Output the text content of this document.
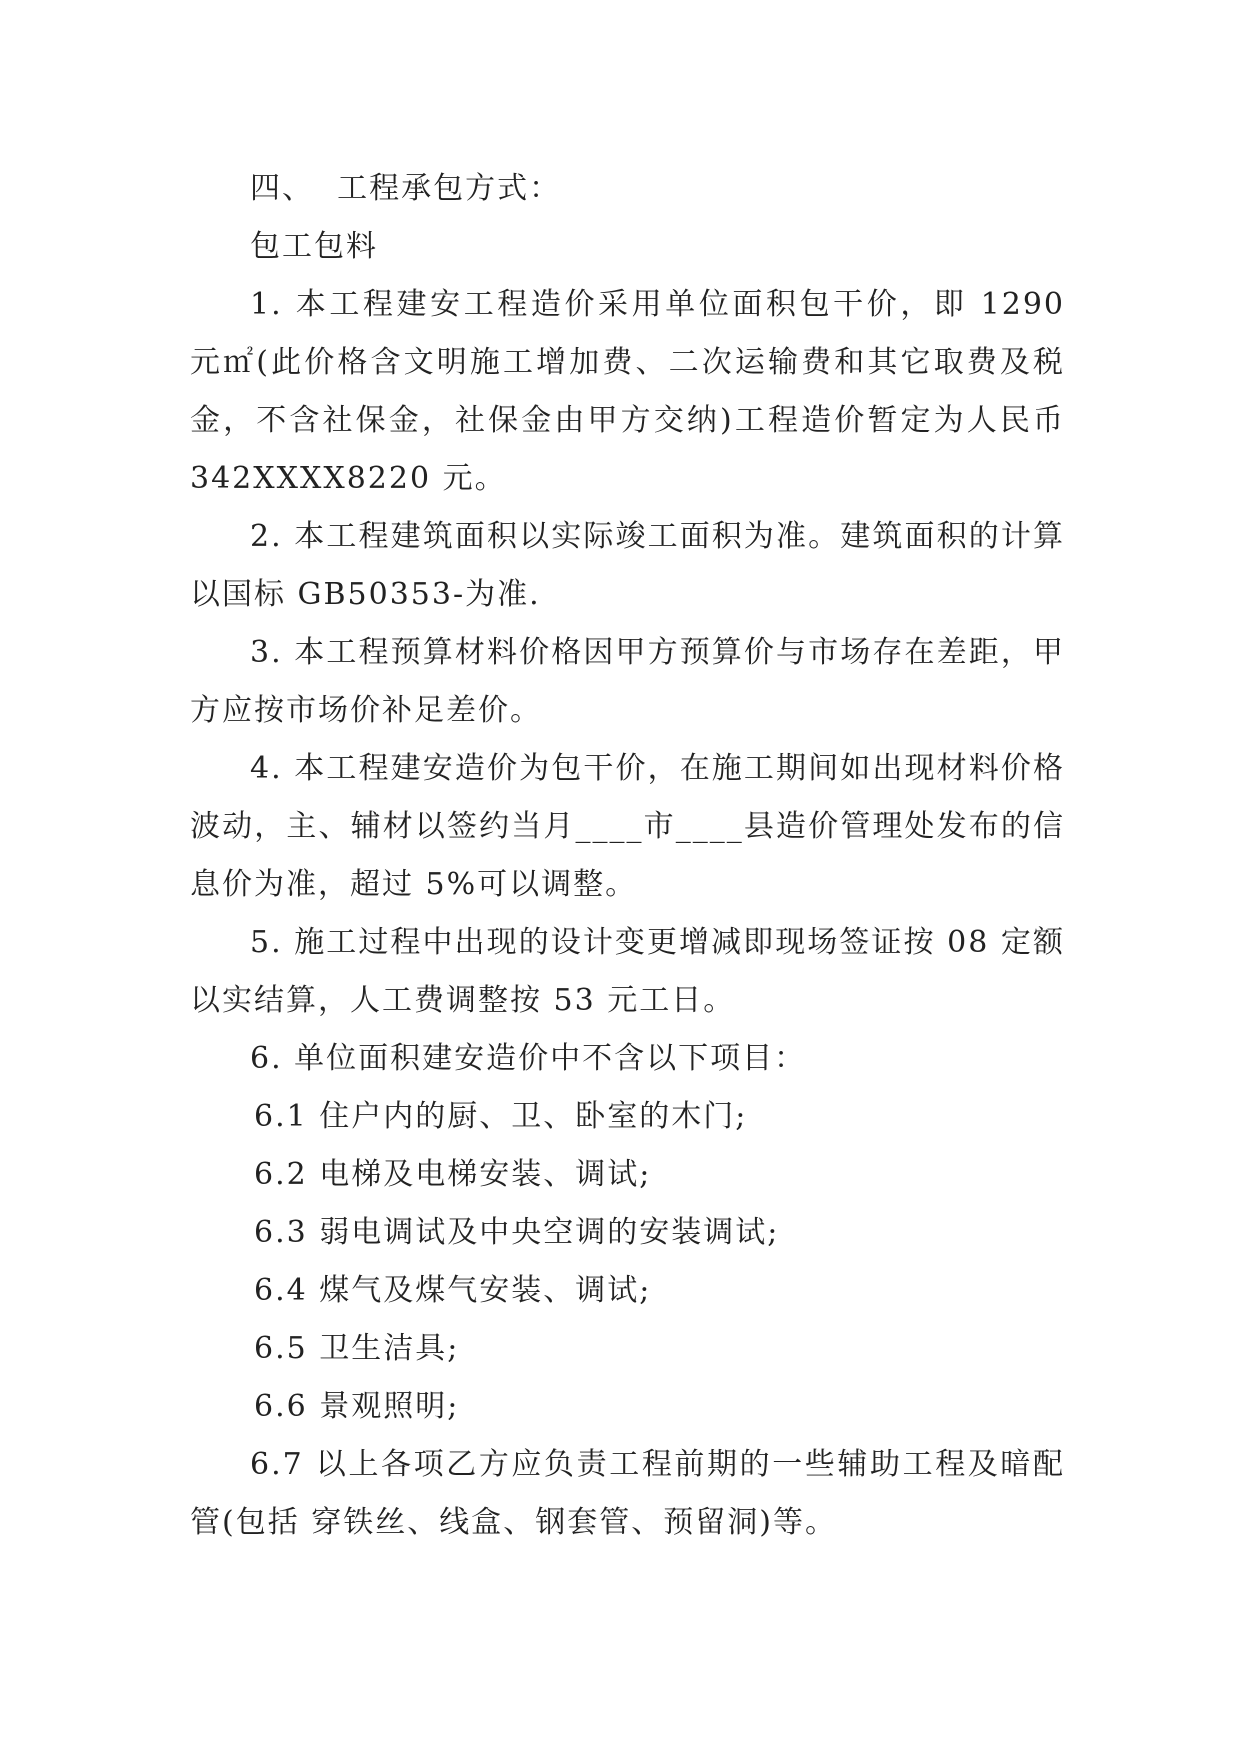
四、  工程承包方式：

包工包料

1. 本工程建安工程造价采用单位面积包干价，即 1290 元㎡(此价格含文明施工增加费、二次运输费和其它取费及税金，不含社保金，社保金由甲方交纳)工程造价暂定为人民币 342XXXX8220 元。

2. 本工程建筑面积以实际竣工面积为准。建筑面积的计算以国标 GB50353-为准.

3. 本工程预算材料价格因甲方预算价与市场存在差距，甲方应按市场价补足差价。

4. 本工程建安造价为包干价，在施工期间如出现材料价格波动，主、辅材以签约当月____市____县造价管理处发布的信息价为准，超过 5%可以调整。

5. 施工过程中出现的设计变更增减即现场签证按 08 定额以实结算，人工费调整按 53 元工日。

6. 单位面积建安造价中不含以下项目：

6.1 住户内的厨、卫、卧室的木门;

6.2 电梯及电梯安装、调试;

6.3 弱电调试及中央空调的安装调试;

6.4 煤气及煤气安装、调试;

6.5 卫生洁具;

6.6 景观照明;

6.7 以上各项乙方应负责工程前期的一些辅助工程及暗配管(包括 穿铁丝、线盒、钢套管、预留洞)等。
